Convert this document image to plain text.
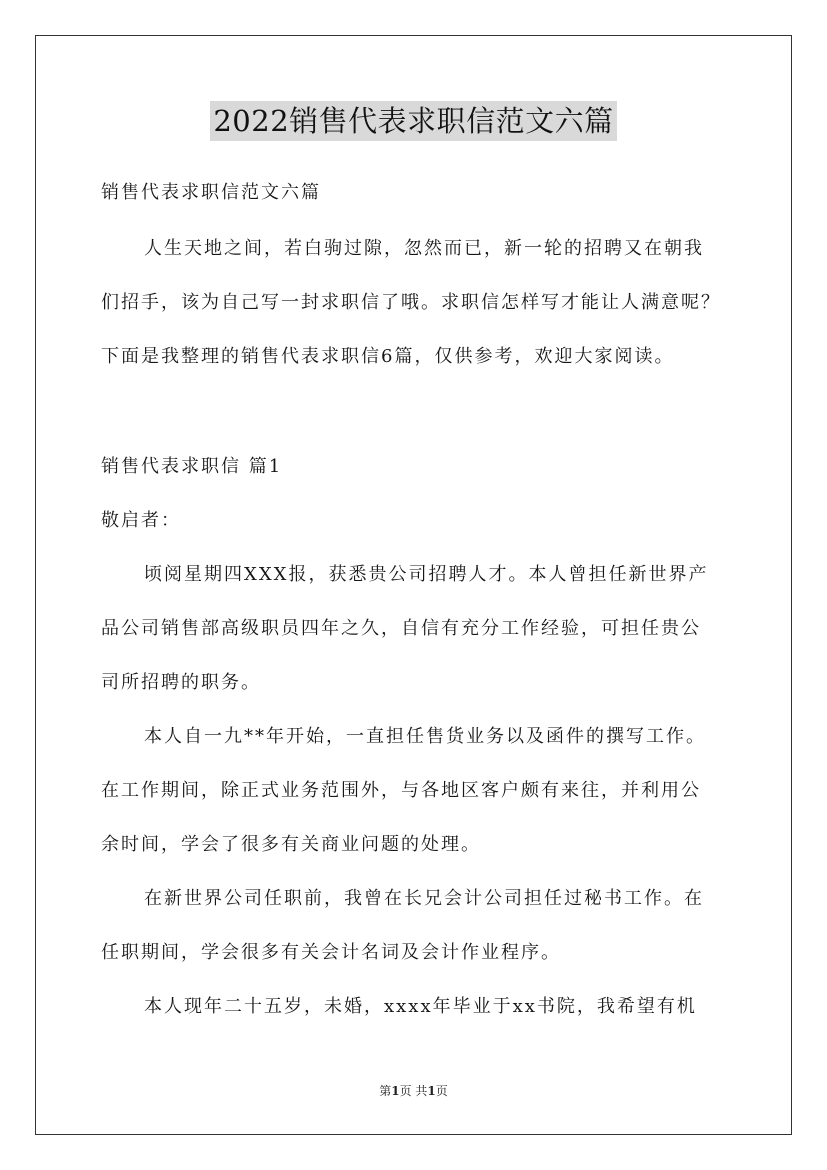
2022销售代表求职信范文六篇
销售代表求职信范文六篇
人生天地之间，若白驹过隙，忽然而已，新一轮的招聘又在朝我
们招手，该为自己写一封求职信了哦。求职信怎样写才能让人满意呢？
下面是我整理的销售代表求职信6篇，仅供参考，欢迎大家阅读。
销售代表求职信 篇1
敬启者：
顷阅星期四XXX报，获悉贵公司招聘人才。本人曾担任新世界产
品公司销售部高级职员四年之久，自信有充分工作经验，可担任贵公
司所招聘的职务。
本人自一九**年开始，一直担任售货业务以及函件的撰写工作。
在工作期间，除正式业务范围外，与各地区客户颇有来往，并利用公
余时间，学会了很多有关商业问题的处理。
在新世界公司任职前，我曾在长兄会计公司担任过秘书工作。在
任职期间，学会很多有关会计名词及会计作业程序。
本人现年二十五岁，未婚，xxxx年毕业于xx书院，我希望有机
第1页 共1页
